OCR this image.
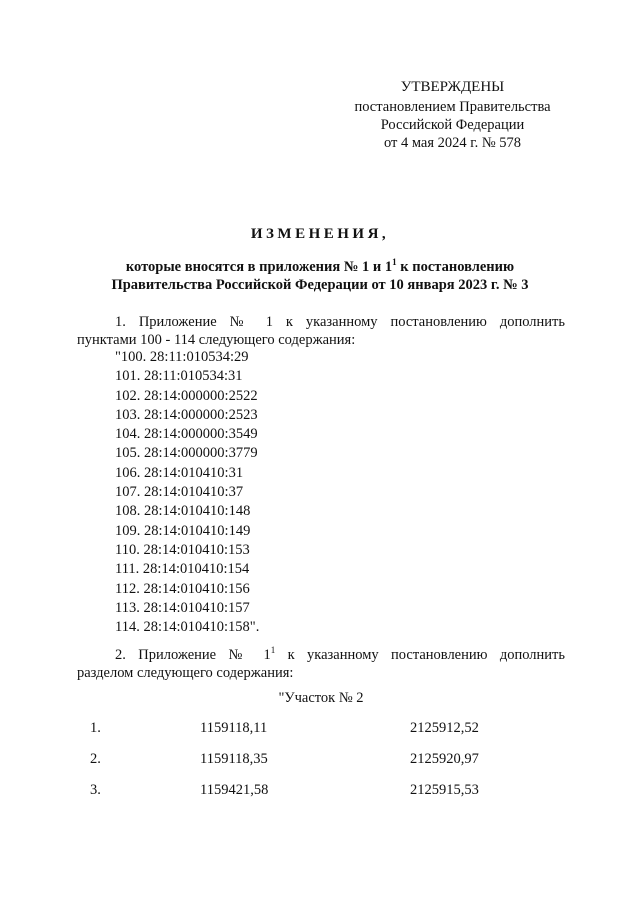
УТВЕРЖДЕНЫ
постановлением Правительства
Российской Федерации
от 4 мая 2024 г. № 578
ИЗМЕНЕНИЯ,
которые вносятся в приложения № 1 и $1^1$ к постановлению
Правительства Российской Федерации от 10 января 2023 г. № 3
1. Приложение № 1 к указанному постановлению дополнить
пунктами 100 - 114 следующего содержания:
"100. 28:11:010534:29
101. 28:11:010534:31
102. 28:14:000000:2522
103. 28:14:000000:2523
104. 28:14:000000:3549
105. 28:14:000000:3779
106. 28:14:010410:31
107. 28:14:010410:37
108. 28:14:010410:148
109. 28:14:010410:149
110. 28:14:010410:153
111. 28:14:010410:154
112. 28:14:010410:156
113. 28:14:010410:157
114. 28:14:010410:158".
2. Приложение № $1^1$ к указанному постановлению дополнить
разделом следующего содержания:
"Участок № 2
1.	1159118,11	2125912,52
2.	1159118,35	2125920,97
3.	1159421,58	2125915,53
